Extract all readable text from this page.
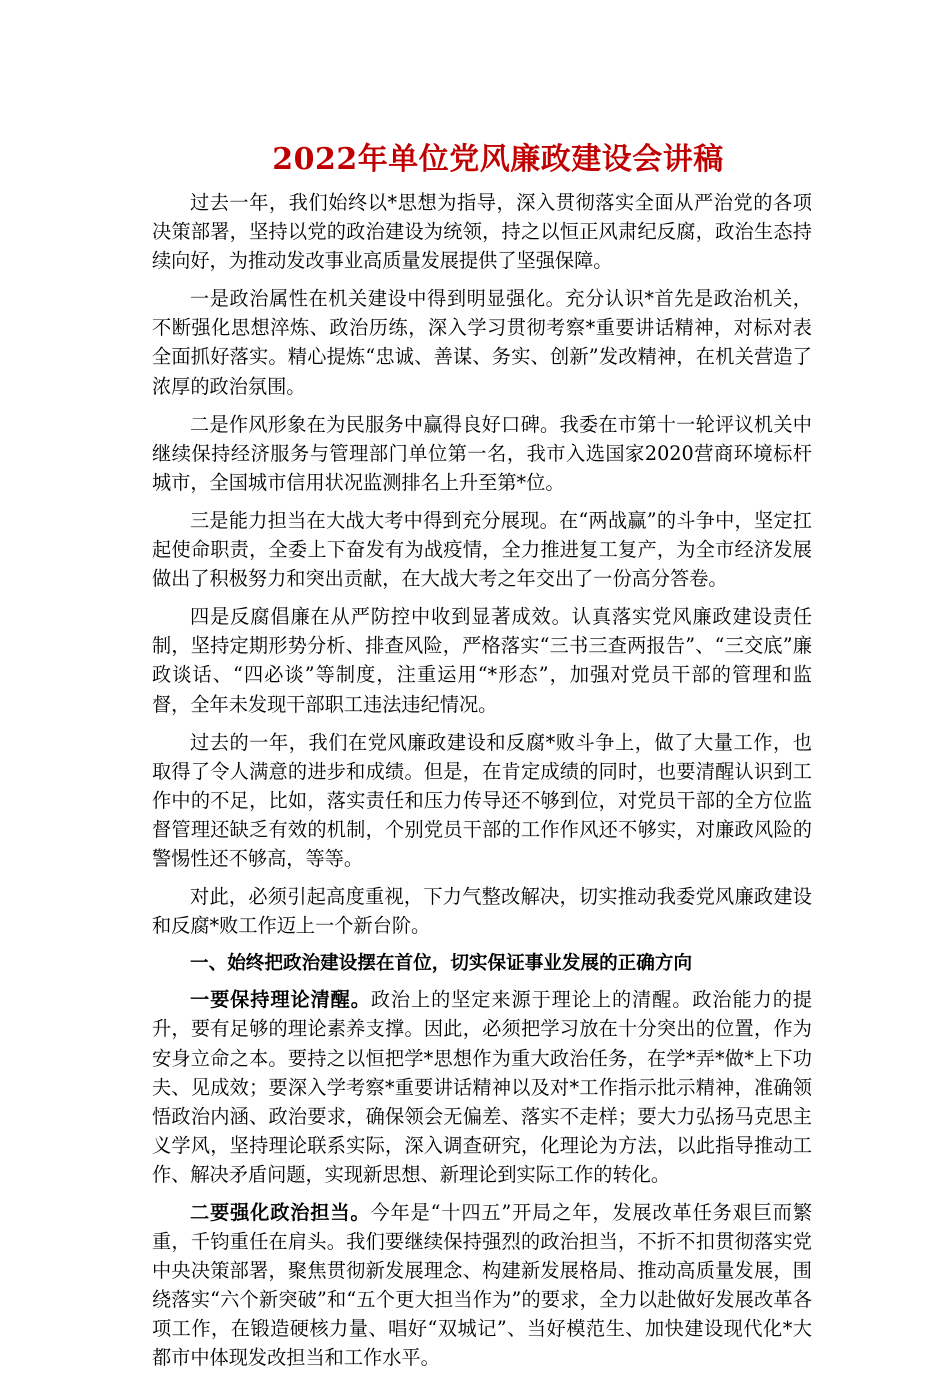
2022年单位党风廉政建设会讲稿

过去一年，我们始终以*思想为指导，深入贯彻落实全面从严治党的各项决策部署，坚持以党的政治建设为统领，持之以恒正风肃纪反腐，政治生态持续向好，为推动发改事业高质量发展提供了坚强保障。

一是政治属性在机关建设中得到明显强化。充分认识*首先是政治机关，不断强化思想淬炼、政治历练，深入学习贯彻考察*重要讲话精神，对标对表全面抓好落实。精心提炼“忠诚、善谋、务实、创新”发改精神，在机关营造了浓厚的政治氛围。

二是作风形象在为民服务中赢得良好口碑。我委在市第十一轮评议机关中继续保持经济服务与管理部门单位第一名，我市入选国家2020营商环境标杆城市，全国城市信用状况监测排名上升至第*位。

三是能力担当在大战大考中得到充分展现。在“两战赢”的斗争中，坚定扛起使命职责，全委上下奋发有为战疫情，全力推进复工复产，为全市经济发展做出了积极努力和突出贡献，在大战大考之年交出了一份高分答卷。

四是反腐倡廉在从严防控中收到显著成效。认真落实党风廉政建设责任制，坚持定期形势分析、排查风险，严格落实“三书三查两报告”、“三交底”廉政谈话、“四必谈”等制度，注重运用“*形态”，加强对党员干部的管理和监督，全年未发现干部职工违法违纪情况。

过去的一年，我们在党风廉政建设和反腐*败斗争上，做了大量工作，也取得了令人满意的进步和成绩。但是，在肯定成绩的同时，也要清醒认识到工作中的不足，比如，落实责任和压力传导还不够到位，对党员干部的全方位监督管理还缺乏有效的机制，个别党员干部的工作作风还不够实，对廉政风险的警惕性还不够高，等等。

对此，必须引起高度重视，下力气整改解决，切实推动我委党风廉政建设和反腐*败工作迈上一个新台阶。

一、始终把政治建设摆在首位，切实保证事业发展的正确方向

一要保持理论清醒。政治上的坚定来源于理论上的清醒。政治能力的提升，要有足够的理论素养支撑。因此，必须把学习放在十分突出的位置，作为安身立命之本。要持之以恒把学*思想作为重大政治任务，在学*弄*做*上下功夫、见成效；要深入学考察*重要讲话精神以及对*工作指示批示精神，准确领悟政治内涵、政治要求，确保领会无偏差、落实不走样；要大力弘扬马克思主义学风，坚持理论联系实际，深入调查研究，化理论为方法，以此指导推动工作、解决矛盾问题，实现新思想、新理论到实际工作的转化。

二要强化政治担当。今年是“十四五”开局之年，发展改革任务艰巨而繁重，千钧重任在肩头。我们要继续保持强烈的政治担当，不折不扣贯彻落实党中央决策部署，聚焦贯彻新发展理念、构建新发展格局、推动高质量发展，围绕落实“六个新突破”和“五个更大担当作为”的要求，全力以赴做好发展改革各项工作，在锻造硬核力量、唱好“双城记”、当好模范生、加快建设现代化*大都市中体现发改担当和工作水平。
